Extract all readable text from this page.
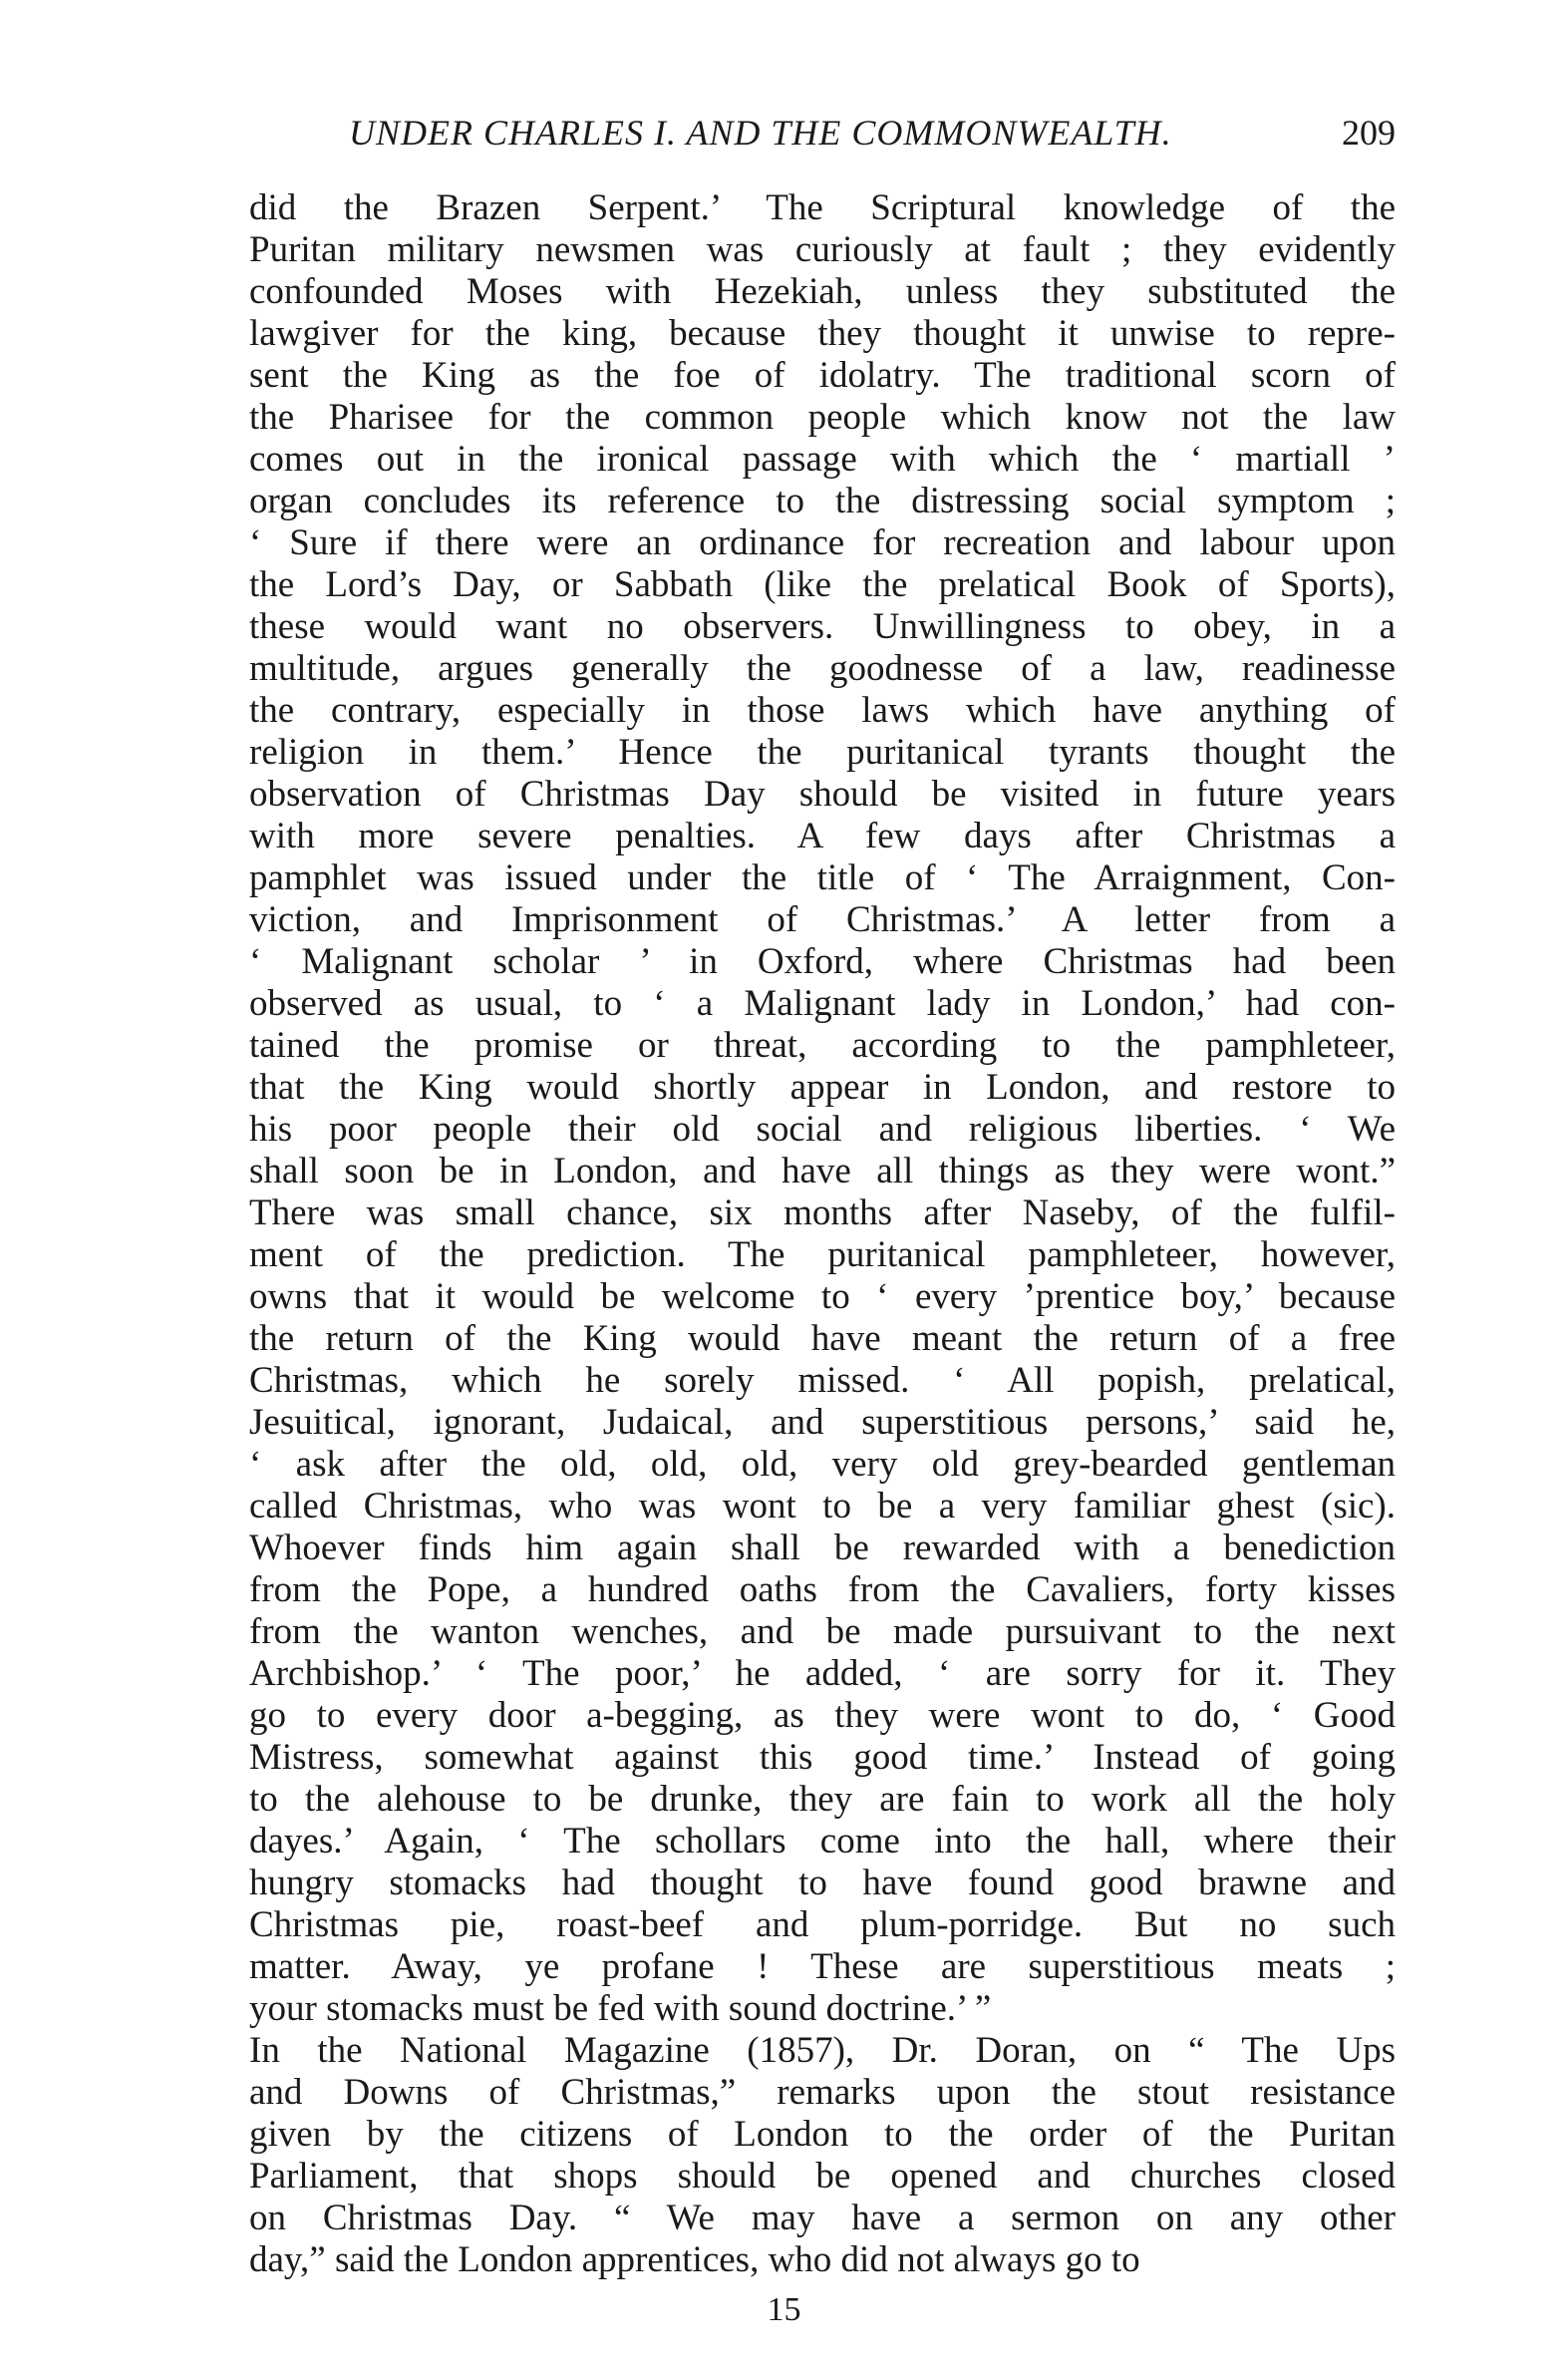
UNDER CHARLES I. AND THE COMMONWEALTH.	209
did the Brazen Serpent.’ The Scriptural knowledge of the
Puritan military newsmen was curiously at fault ; they evidently
confounded Moses with Hezekiah, unless they substituted the
lawgiver for the king, because they thought it unwise to repre-
sent the King as the foe of idolatry. The traditional scorn of
the Pharisee for the common people which know not the law
comes out in the ironical passage with which the ‘ martiall ’
organ concludes its reference to the distressing social symptom ;
‘ Sure if there were an ordinance for recreation and labour upon
the Lord’s Day, or Sabbath (like the prelatical Book of Sports),
these would want no observers. Unwillingness to obey, in a
multitude, argues generally the goodnesse of a law, readinesse
the contrary, especially in those laws which have anything of
religion in them.’ Hence the puritanical tyrants thought the
observation of Christmas Day should be visited in future years
with more severe penalties. A few days after Christmas a
pamphlet was issued under the title of ‘ The Arraignment, Con-
viction, and Imprisonment of Christmas.’ A letter from a
‘ Malignant scholar ’ in Oxford, where Christmas had been
observed as usual, to ‘ a Malignant lady in London,’ had con-
tained the promise or threat, according to the pamphleteer,
that the King would shortly appear in London, and restore to
his poor people their old social and religious liberties. ‘ We
shall soon be in London, and have all things as they were wont.”
There was small chance, six months after Naseby, of the fulfil-
ment of the prediction. The puritanical pamphleteer, however,
owns that it would be welcome to ‘ every ’prentice boy,’ because
the return of the King would have meant the return of a free
Christmas, which he sorely missed. ‘ All popish, prelatical,
Jesuitical, ignorant, Judaical, and superstitious persons,’ said he,
‘ ask after the old, old, old, very old grey-bearded gentleman
called Christmas, who was wont to be a very familiar ghest (sic).
Whoever finds him again shall be rewarded with a benediction
from the Pope, a hundred oaths from the Cavaliers, forty kisses
from the wanton wenches, and be made pursuivant to the next
Archbishop.’ ‘ The poor,’ he added, ‘ are sorry for it. They
go to every door a-begging, as they were wont to do, ‘ Good
Mistress, somewhat against this good time.’ Instead of going
to the alehouse to be drunke, they are fain to work all the holy
dayes.’ Again, ‘ The schollars come into the hall, where their
hungry stomacks had thought to have found good brawne and
Christmas pie, roast-beef and plum-porridge. But no such
matter. Away, ye profane ! These are superstitious meats ;
your stomacks must be fed with sound doctrine.’ ”
In the National Magazine (1857), Dr. Doran, on “ The Ups
and Downs of Christmas,” remarks upon the stout resistance
given by the citizens of London to the order of the Puritan
Parliament, that shops should be opened and churches closed
on Christmas Day. “ We may have a sermon on any other
day,” said the London apprentices, who did not always go to
15
